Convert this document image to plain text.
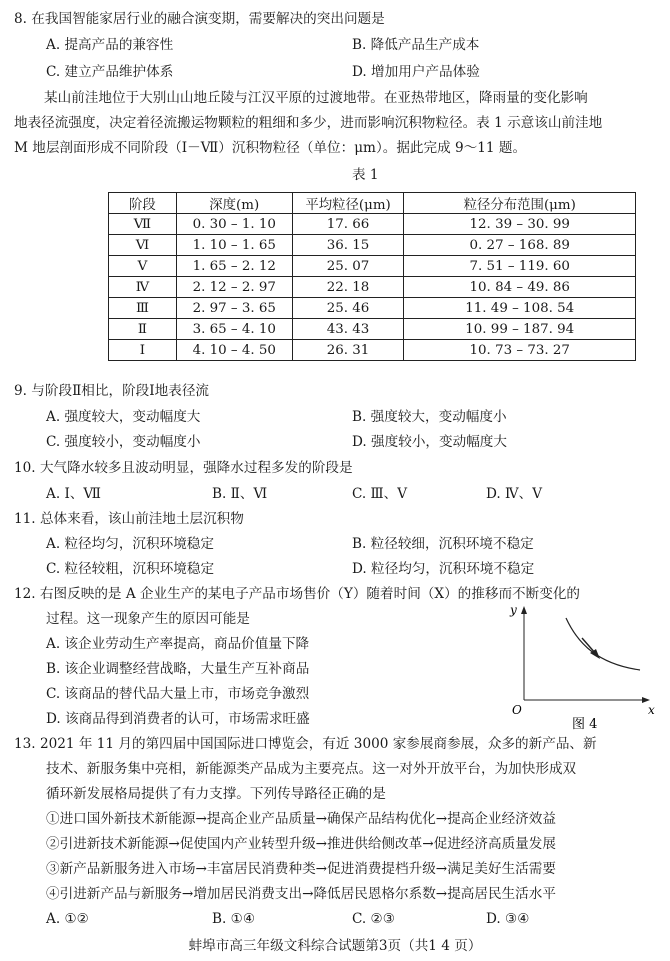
8. 在我国智能家居行业的融合演变期，需要解决的突出问题是
A. 提高产品的兼容性	B. 降低产品生产成本
C. 建立产品维护体系	D. 增加用户产品体验
某山前洼地位于大别山山地丘陵与江汉平原的过渡地带。在亚热带地区，降雨量的变化影响
地表径流强度，决定着径流搬运物颗粒的粗细和多少，进而影响沉积物粒径。表 1 示意该山前洼地
M 地层剖面形成不同阶段（Ⅰ－Ⅶ）沉积物粒径（单位：μm）。据此完成 9～11 题。
表 1
阶段	深度(m)	平均粒径(μm)	粒径分布范围(μm)
Ⅶ	0. 30 – 1. 10	17. 66	12. 39 – 30. 99
Ⅵ	1. 10 – 1. 65	36. 15	0. 27 – 168. 89
Ⅴ	1. 65 – 2. 12	25. 07	7. 51 – 119. 60
Ⅳ	2. 12 – 2. 97	22. 18	10. 84 – 49. 86
Ⅲ	2. 97 – 3. 65	25. 46	11. 49 – 108. 54
Ⅱ	3. 65 – 4. 10	43. 43	10. 99 – 187. 94
Ⅰ	4. 10 – 4. 50	26. 31	10. 73 – 73. 27
9. 与阶段Ⅱ相比，阶段Ⅰ地表径流
A. 强度较大，变动幅度大	B. 强度较大，变动幅度小
C. 强度较小，变动幅度小	D. 强度较小，变动幅度大
10. 大气降水较多且波动明显，强降水过程多发的阶段是
A. Ⅰ、Ⅶ	B. Ⅱ、Ⅵ	C. Ⅲ、Ⅴ	D. Ⅳ、Ⅴ
11. 总体来看，该山前洼地土层沉积物
A. 粒径均匀，沉积环境稳定	B. 粒径较细，沉积环境不稳定
C. 粒径较粗，沉积环境稳定	D. 粒径均匀，沉积环境不稳定
12. 右图反映的是 A 企业生产的某电子产品市场售价（Y）随着时间（X）的推移而不断变化的
过程。这一现象产生的原因可能是
A. 该企业劳动生产率提高，商品价值量下降
B. 该企业调整经营战略，大量生产互补商品
C. 该商品的替代品大量上市，市场竞争激烈
D. 该商品得到消费者的认可，市场需求旺盛
y
x
O
图 4
13. 2021 年 11 月的第四届中国国际进口博览会，有近 3000 家参展商参展，众多的新产品、新
技术、新服务集中亮相，新能源类产品成为主要亮点。这一对外开放平台，为加快形成双
循环新发展格局提供了有力支撑。下列传导路径正确的是
①进口国外新技术新能源→提高企业产品质量→确保产品结构优化→提高企业经济效益
②引进新技术新能源→促使国内产业转型升级→推进供给侧改革→促进经济高质量发展
③新产品新服务进入市场→丰富居民消费种类→促进消费提档升级→满足美好生活需要
④引进新产品与新服务→增加居民消费支出→降低居民恩格尔系数→提高居民生活水平
A. ①②	B. ①④	C. ②③	D. ③④
蚌埠市高三年级文科综合试题第3页（共1 4 页）
